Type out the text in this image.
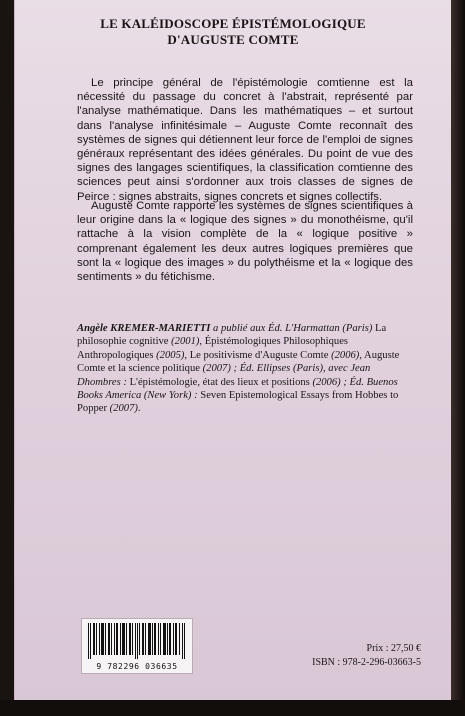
LE KALÉIDOSCOPE ÉPISTÉMOLOGIQUE
D'AUGUSTE COMTE

Le principe général de l'épistémologie comtienne est la nécessité du passage du concret à l'abstrait, représenté par l'analyse mathématique. Dans les mathématiques – et surtout dans l'analyse infinitésimale – Auguste Comte reconnaît des systèmes de signes qui détiennent leur force de l'emploi de signes généraux représentant des idées générales. Du point de vue des signes des langages scientifiques, la classification comtienne des sciences peut ainsi s'ordonner aux trois classes de signes de Peirce : signes abstraits, signes concrets et signes collectifs.

Auguste Comte rapporte les systèmes de signes scientifiques à leur origine dans la « logique des signes » du monothéisme, qu'il rattache à la vision complète de la « logique positive » comprenant également les deux autres logiques premières que sont la « logique des images » du polythéisme et la « logique des sentiments » du fétichisme.

Angèle KREMER-MARIETTI a publié aux Éd. L'Harmattan (Paris) La philosophie cognitive (2001), Épistémologiques Philosophiques Anthropologiques (2005), Le positivisme d'Auguste Comte (2006), Auguste Comte et la science politique (2007) ; Éd. Ellipses (Paris), avec Jean Dhombres : L'épistémologie, état des lieux et positions (2006) ; Éd. Buenos Books America (New York) : Seven Epistemological Essays from Hobbes to Popper (2007).

9 782296 036635
Prix : 27,50 €
ISBN : 978-2-296-03663-5
